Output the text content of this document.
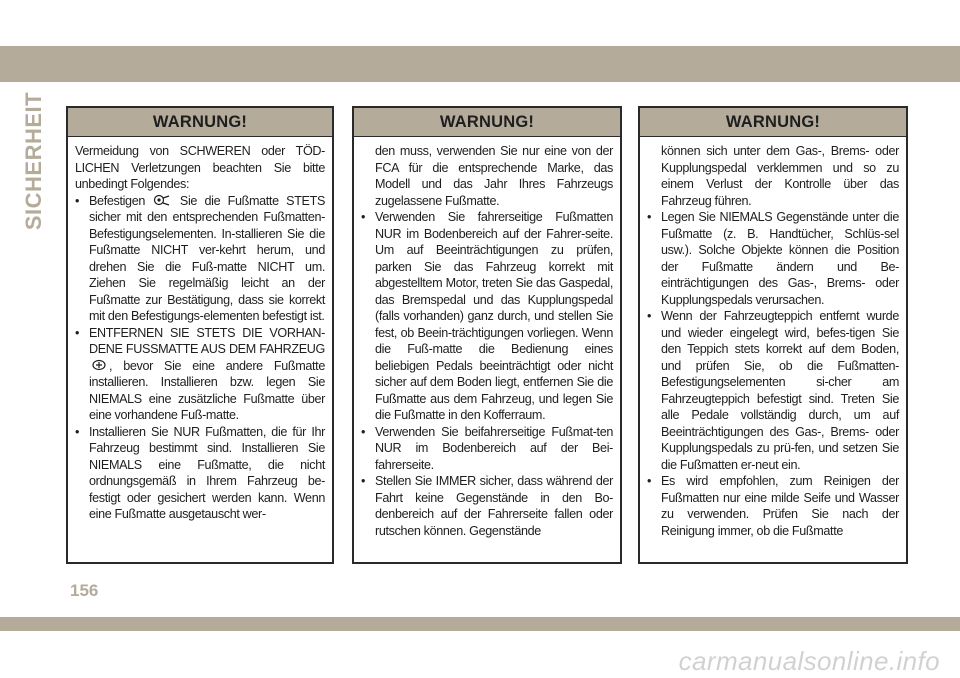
SICHERHEIT	WARNUNG!

Vermeidung von SCHWEREN oder TÖD-LICHEN Verletzungen beachten Sie bitte unbedingt Folgendes:

• Befestigen	Sie die Fußmatte STETS sicher mit den entsprechenden Fußmatten-Befestigungselementen. In-stallieren Sie die Fußmatte NICHT ver-kehrt herum, und drehen Sie die Fuß-matte NICHT um. Ziehen Sie regelmäßig leicht an der Fußmatte zur Bestätigung, dass sie korrekt mit den Befestigungs-elementen befestigt ist.
• ENTFERNEN SIE STETS DIE VORHAN-DENE FUSSMATTE AUS DEM FAHRZEUG , bevor Sie eine andere Fußmatte installieren. Installieren bzw. legen Sie NIEMALS eine zusätzliche Fußmatte über eine vorhandene Fuß-matte.
• Installieren Sie NUR Fußmatten, die für Ihr Fahrzeug bestimmt sind. Installieren Sie NIEMALS eine Fußmatte, die nicht ordnungsgemäß in Ihrem Fahrzeug be-festigt oder gesichert werden kann. Wenn eine Fußmatte ausgetauscht wer-
WARNUNG!

den muss, verwenden Sie nur eine von der FCA für die entsprechende Marke, das Modell und das Jahr Ihres Fahrzeugs zugelassene Fußmatte.

• Verwenden Sie fahrerseitige Fußmatten NUR im Bodenbereich auf der Fahrer-seite. Um auf Beeinträchtigungen zu prüfen, parken Sie das Fahrzeug korrekt mit abgestelltem Motor, treten Sie das Gaspedal, das Bremspedal und das Kupplungspedal (falls vorhanden) ganz durch, und stellen Sie fest, ob Beein-trächtigungen vorliegen. Wenn die Fuß-matte die Bedienung eines beliebigen Pedals beeinträchtigt oder nicht sicher auf dem Boden liegt, entfernen Sie die Fußmatte aus dem Fahrzeug, und legen Sie die Fußmatte in den Kofferraum.
• Verwenden Sie beifahrerseitige Fußmat-ten NUR im Bodenbereich auf der Bei-fahrerseite.
• Stellen Sie IMMER sicher, dass während der Fahrt keine Gegenstände in den Bo-denbereich auf der Fahrerseite fallen oder rutschen können. Gegenstände
WARNUNG!

können sich unter dem Gas-, Brems- oder Kupplungspedal verklemmen und so zu einem Verlust der Kontrolle über das Fahrzeug führen.

• Legen Sie NIEMALS Gegenstände unter die Fußmatte (z. B. Handtücher, Schlüs-sel usw.). Solche Objekte können die Position der Fußmatte ändern und Be-einträchtigungen des Gas-, Brems- oder Kupplungspedals verursachen.
• Wenn der Fahrzeugteppich entfernt wurde und wieder eingelegt wird, befes-tigen Sie den Teppich stets korrekt auf dem Boden, und prüfen Sie, ob die Fußmatten-Befestigungselementen si-cher am Fahrzeugteppich befestigt sind. Treten Sie alle Pedale vollständig durch, um auf Beeinträchtigungen des Gas-, Brems- oder Kupplungspedals zu prü-fen, und setzen Sie die Fußmatten er-neut ein.
• Es wird empfohlen, zum Reinigen der Fußmatten nur eine milde Seife und Wasser zu verwenden. Prüfen Sie nach der Reinigung immer, ob die Fußmatte
156
carmanualsonline.info
